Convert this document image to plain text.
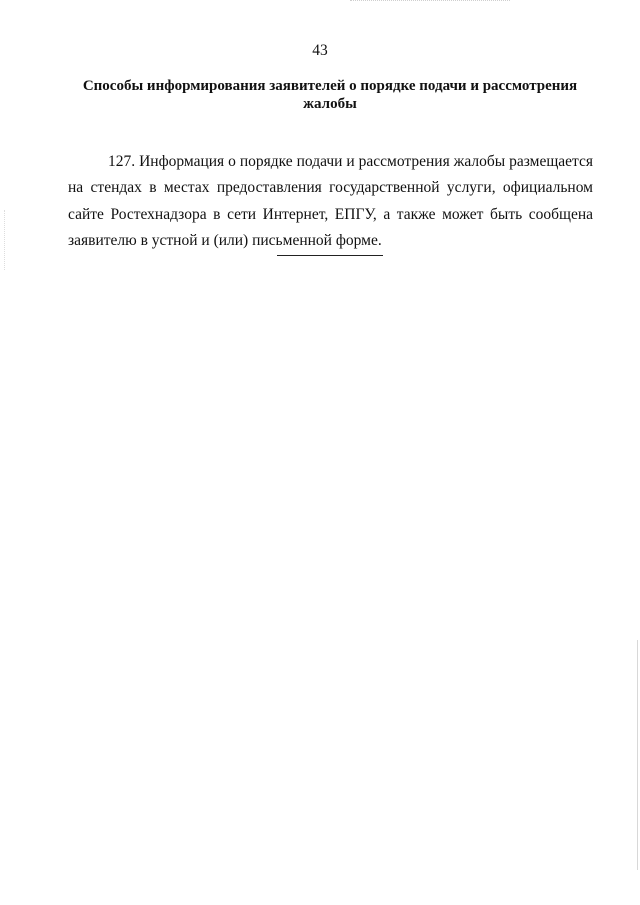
43
Способы информирования заявителей о порядке подачи и рассмотрения
жалобы

127. Информация о порядке подачи и рассмотрения жалобы размещается на стендах в местах предоставления государственной услуги, официальном сайте Ростехнадзора в сети Интернет, ЕПГУ, а также может быть сообщена заявителю в устной и (или) письменной форме.
